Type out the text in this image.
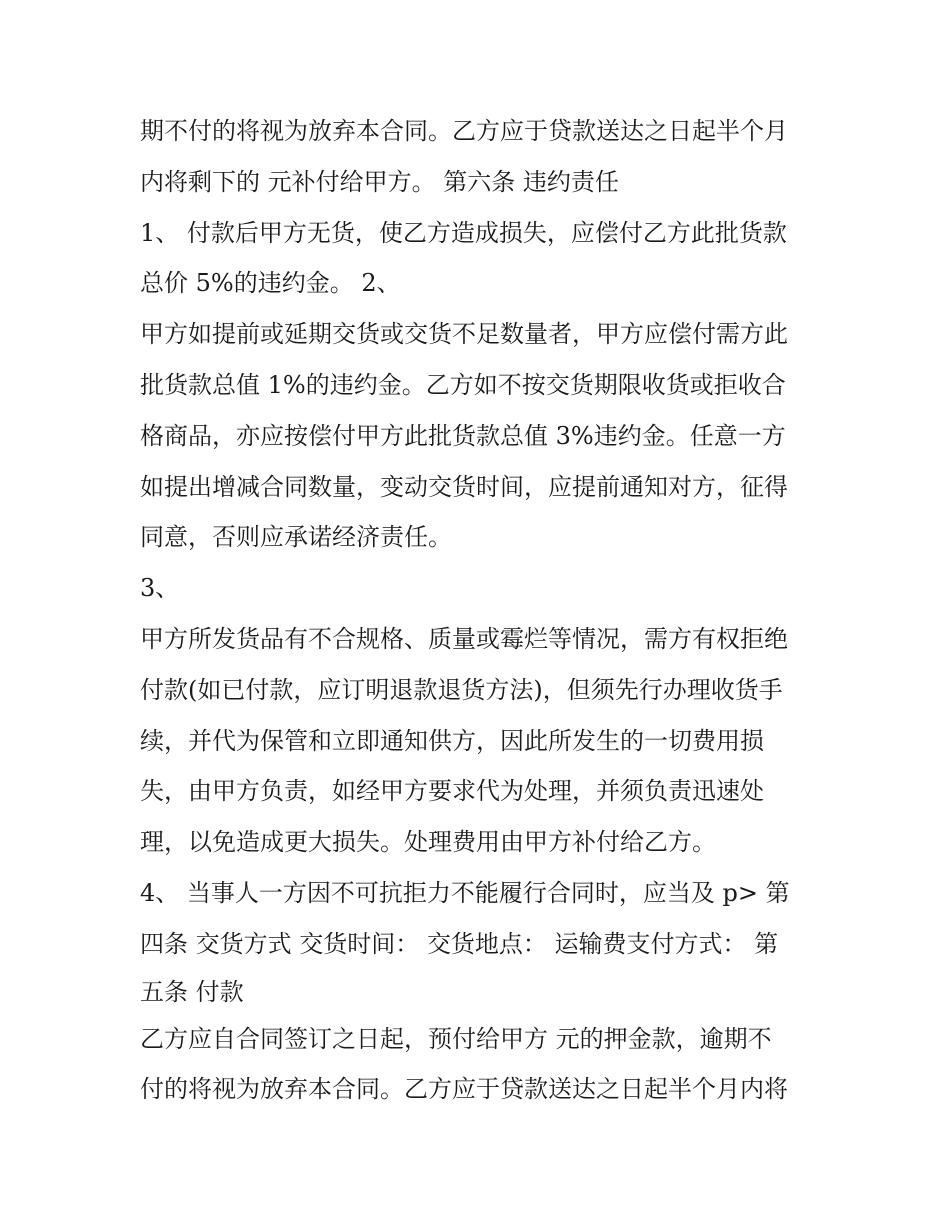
期不付的将视为放弃本合同。乙方应于贷款送达之日起半个月
内将剩下的 元补付给甲方。 第六条 违约责任
1、 付款后甲方无货，使乙方造成损失，应偿付乙方此批货款
总价 5%的违约金。 2、
甲方如提前或延期交货或交货不足数量者，甲方应偿付需方此
批货款总值 1%的违约金。乙方如不按交货期限收货或拒收合
格商品，亦应按偿付甲方此批货款总值 3%违约金。任意一方
如提出增减合同数量，变动交货时间，应提前通知对方，征得
同意，否则应承诺经济责任。
3、
甲方所发货品有不合规格、质量或霉烂等情况，需方有权拒绝
付款(如已付款，应订明退款退货方法)，但须先行办理收货手
续，并代为保管和立即通知供方，因此所发生的一切费用损
失，由甲方负责，如经甲方要求代为处理，并须负责迅速处
理，以免造成更大损失。处理费用由甲方补付给乙方。
4、 当事人一方因不可抗拒力不能履行合同时，应当及 p> 第
四条 交货方式 交货时间： 交货地点： 运输费支付方式： 第
五条 付款
乙方应自合同签订之日起，预付给甲方 元的押金款，逾期不
付的将视为放弃本合同。乙方应于贷款送达之日起半个月内将
